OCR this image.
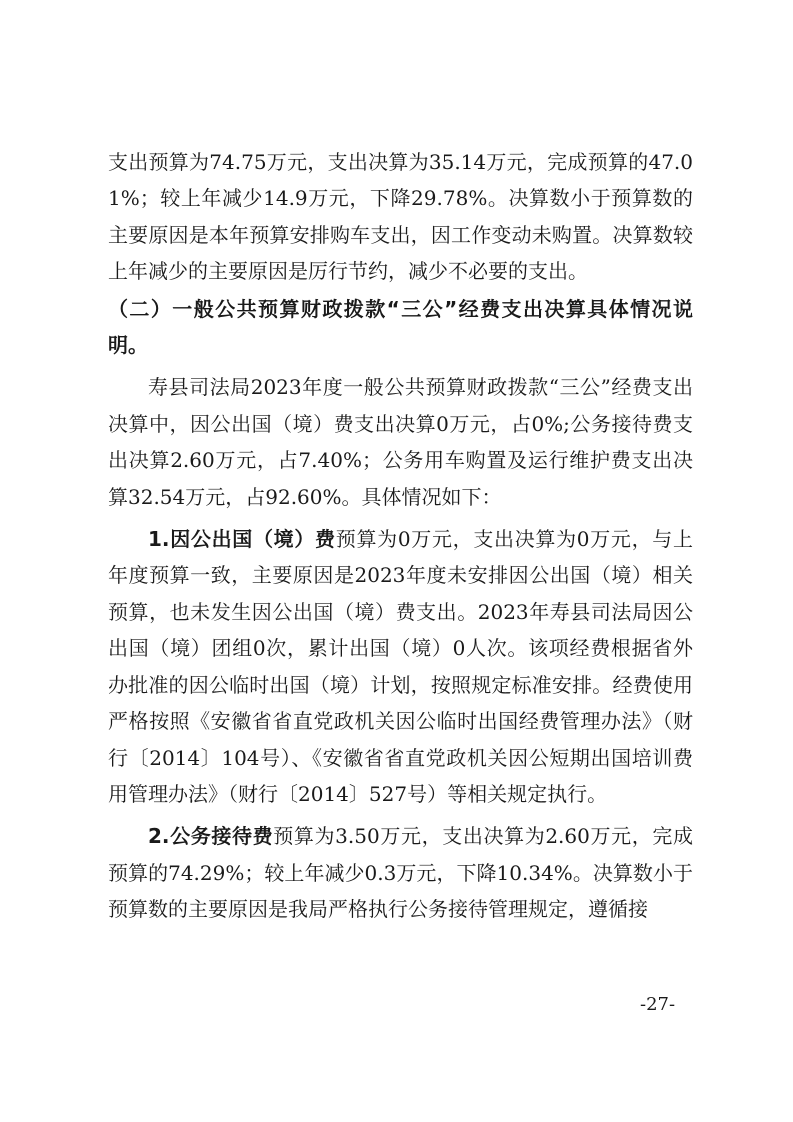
支出预算为74.75万元，支出决算为35.14万元，完成预算的47.01%；较上年减少14.9万元，下降29.78%。决算数小于预算数的主要原因是本年预算安排购车支出，因工作变动未购置。决算数较上年减少的主要原因是厉行节约，减少不必要的支出。

（二）一般公共预算财政拨款“三公”经费支出决算具体情况说明。

寿县司法局2023年度一般公共预算财政拨款“三公”经费支出决算中，因公出国（境）费支出决算0万元，占0%;公务接待费支出决算2.60万元，占7.40%；公务用车购置及运行维护费支出决算32.54万元，占92.60%。具体情况如下：

1.因公出国（境）费预算为0万元，支出决算为0万元，与上年度预算一致，主要原因是2023年度未安排因公出国（境）相关预算，也未发生因公出国（境）费支出。2023年寿县司法局因公出国（境）团组0次，累计出国（境）0人次。该项经费根据省外办批准的因公临时出国（境）计划，按照规定标准安排。经费使用严格按照《安徽省省直党政机关因公临时出国经费管理办法》（财行〔2014〕104号）、《安徽省省直党政机关因公短期出国培训费用管理办法》（财行〔2014〕527号）等相关规定执行。

2.公务接待费预算为3.50万元，支出决算为2.60万元，完成预算的74.29%；较上年减少0.3万元，下降10.34%。决算数小于预算数的主要原因是我局严格执行公务接待管理规定，遵循接

-27-
